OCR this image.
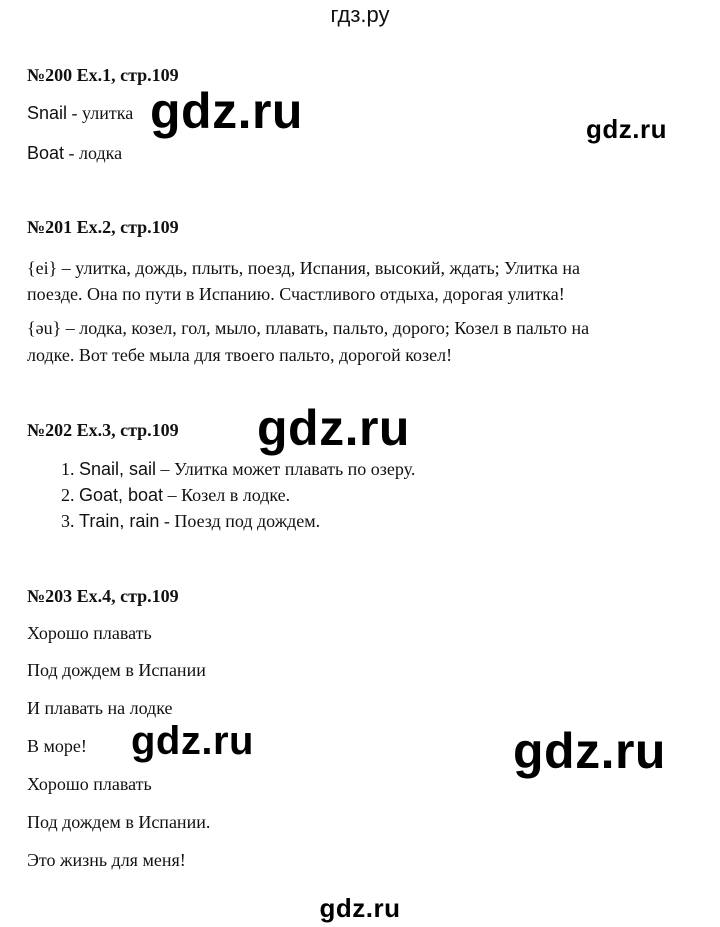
гдз.ру
№200 Ex.1, стр.109
Snail - улитка
Boat - лодка
gdz.ru	gdz.ru
№201 Ex.2, стр.109
{ei} – улитка, дождь, плыть, поезд, Испания, высокий, ждать; Улитка на
поезде. Она по пути в Испанию. Счастливого отдыха, дорогая улитка!
{əu} – лодка, козел, гол, мыло, плавать, пальто, дорого; Козел в пальто на
лодке. Вот тебе мыла для твоего пальто, дорогой козел!
№202 Ex.3, стр.109 gdz.ru
1. Snail, sail – Улитка может плавать по озеру.
2. Goat, boat – Козел в лодке.
3. Train, rain - Поезд под дождем.
№203 Ex.4, стр.109
Хорошо плавать
Под дождем в Испании
И плавать на лодке
В море!
Хорошо плавать
Под дождем в Испании.
Это жизнь для меня!
gdz.ru	gdz.ru
gdz.ru
